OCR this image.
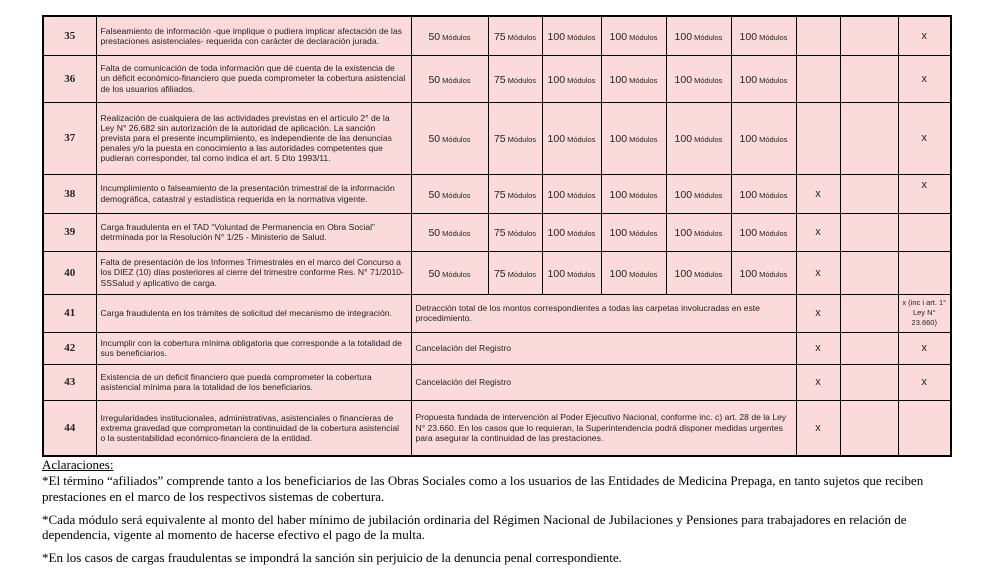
35	Falseamiento de información -que implique o pudiera implicar afectación de las prestaciones asistenciales- requerida con carácter de declaración jurada.	50 Módulos	75 Módulos	100 Módulos	100 Módulos	100 Módulos	100 Módulos			x
36	Falta de comunicación de toda información que dé cuenta de la existencia de un déficit económico-financiero que pueda comprometer la cobertura asistencial de los usuarios afiliados.	50 Módulos	75 Módulos	100 Módulos	100 Módulos	100 Módulos	100 Módulos			x
37	Realización de cualquiera de las actividades previstas en el artículo 2° de la Ley N° 26.682 sin autorización de la autoridad de aplicación. La sanción prevista para el presente incumplimiento, es independiente de las denuncias penales y/o la puesta en conocimiento a las autoridades competentes que pudieran corresponder, tal como indica el art. 5 Dto 1993/11.	50 Módulos	75 Módulos	100 Módulos	100 Módulos	100 Módulos	100 Módulos			x
38	Incumplimiento o falseamiento de la presentación trimestral de la información demográfica, catastral y estadística requerida en la normativa vigente.	50 Módulos	75 Módulos	100 Módulos	100 Módulos	100 Módulos	100 Módulos	x		x
39	Carga fraudulenta en el TAD “Voluntad de Permanencia en Obra Social” detrminada por la Resolución N° 1/25 - Ministerio de Salud.	50 Módulos	75 Módulos	100 Módulos	100 Módulos	100 Módulos	100 Módulos	x		
40	Falta de presentación de los Informes Trimestrales en el marco del Concurso a los DIEZ (10) días posteriores al cierre del trimestre conforme Res. N° 71/2010-SSSalud y aplicativo de carga.	50 Módulos	75 Módulos	100 Módulos	100 Módulos	100 Módulos	100 Módulos	x		
41	Carga fraudulenta en los trámites de solicitud del mecanismo de integración.	Detracción total de los montos correspondientes a todas las carpetas involucradas en este procedimiento.						x		x (inc i art. 1° Ley N° 23.660)
42	Incumplir con la cobertura mínima obligatoria que corresponde a la totalidad de sus beneficiarios.	Cancelación del Registro						x		x
43	Existencia de un deficit financiero que pueda comprometer la cobertura asistencial mínima para la totalidad de los beneficiarios.	Cancelación del Registro						x		x
44	Irregularidades institucionales, administrativas, asistenciales o financieras de extrema gravedad que comprometan la continuidad de la cobertura asistencial o la sustentabilidad económico-financiera de la entidad.	Propuesta fundada de intervención al Poder Ejecutivo Nacional, conforme inc. c) art. 28 de la Ley N° 23.660. En los casos que lo requieran, la Superintendencia podrá disponer medidas urgentes para asegurar la continuidad de las prestaciones.	x		
Aclaraciones:
*El término “afiliados” comprende tanto a los beneficiarios de las Obras Sociales como a los usuarios de las Entidades de Medicina Prepaga, en tanto sujetos que reciben prestaciones en el marco de los respectivos sistemas de cobertura.
*Cada módulo será equivalente al monto del haber mínimo de jubilación ordinaria del Régimen Nacional de Jubilaciones y Pensiones para trabajadores en relación de dependencia, vigente al momento de hacerse efectivo el pago de la multa.
*En los casos de cargas fraudulentas se impondrá la sanción sin perjuicio de la denuncia penal correspondiente.
